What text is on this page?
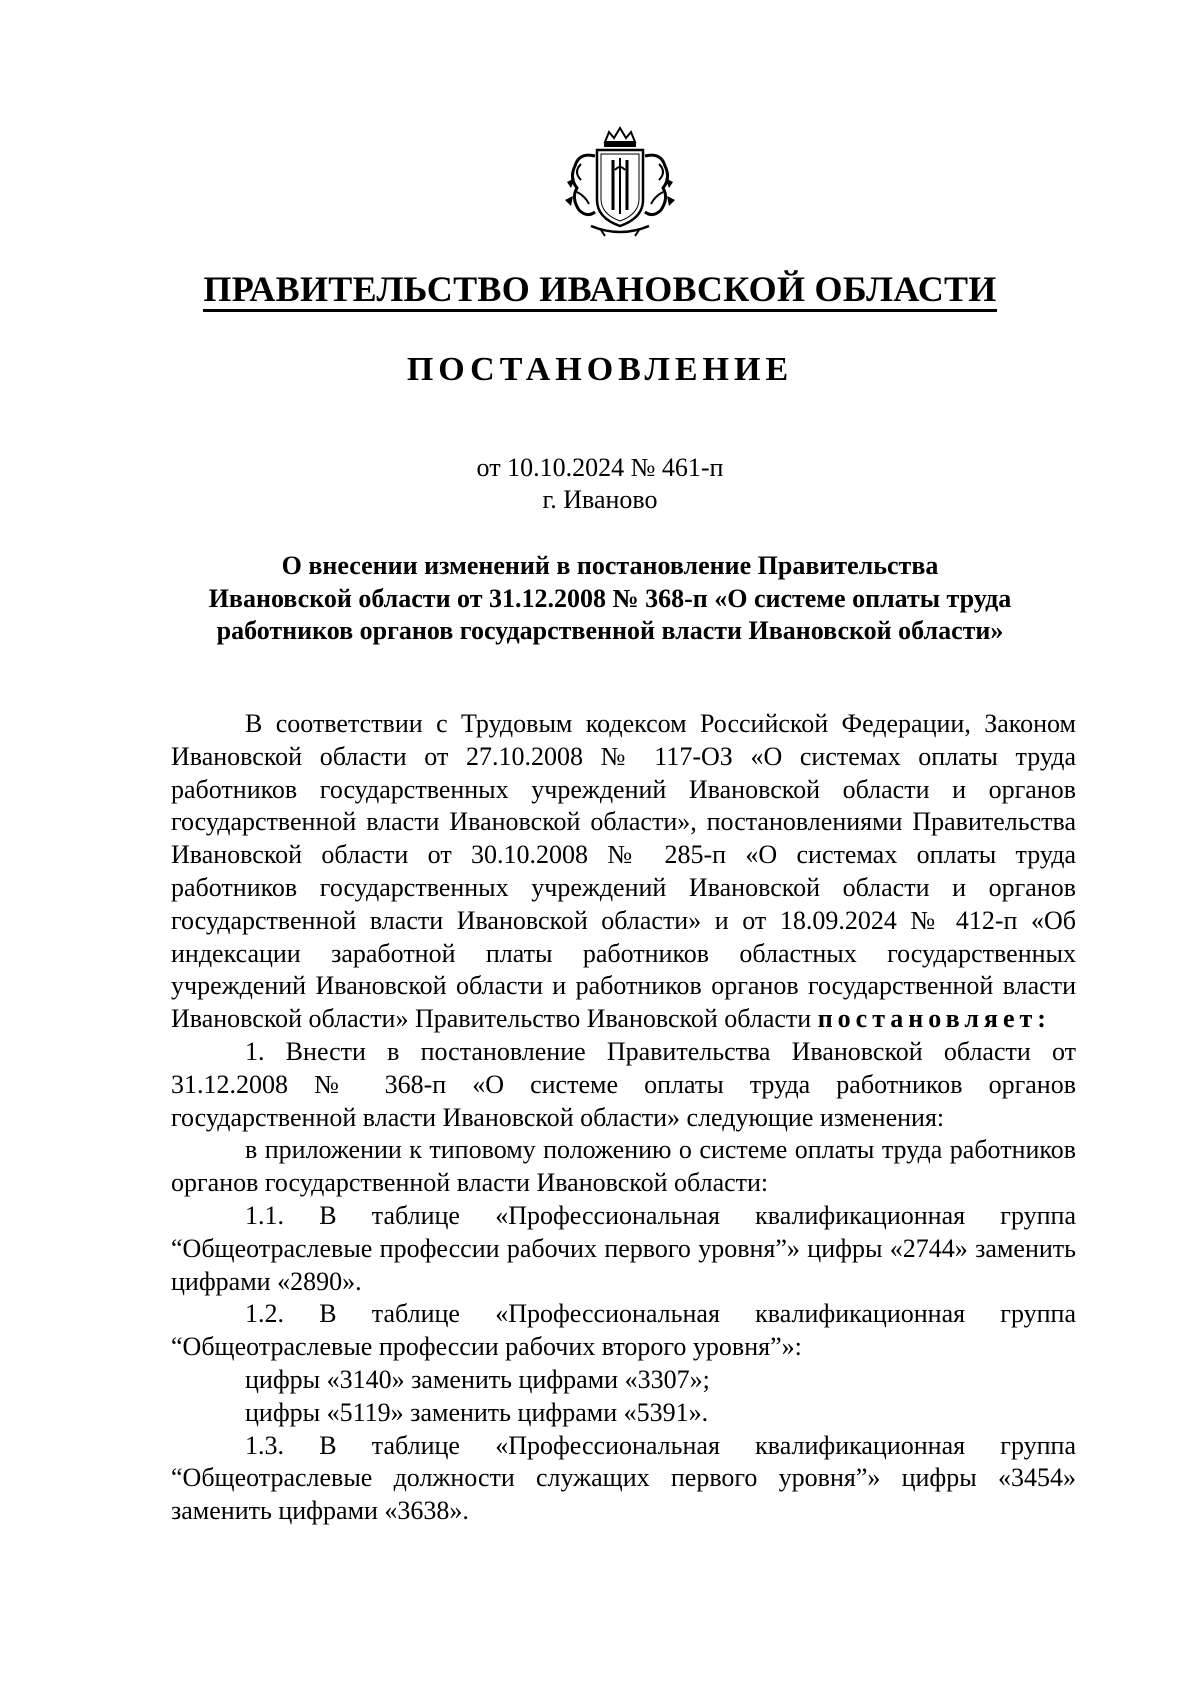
ПРАВИТЕЛЬСТВО ИВАНОВСКОЙ ОБЛАСТИ
ПОСТАНОВЛЕНИЕ
от 10.10.2024 № 461-п
г. Иваново
О внесении изменений в постановление Правительства
Ивановской области от 31.12.2008 № 368-п «О системе оплаты труда
работников органов государственной власти Ивановской области»

В соответствии с Трудовым кодексом Российской Федерации, Законом Ивановской области от 27.10.2008 № 117-ОЗ «О системах оплаты труда работников государственных учреждений Ивановской области и органов государственной власти Ивановской области», постановлениями Правительства Ивановской области от 30.10.2008 № 285-п «О системах оплаты труда работников государственных учреждений Ивановской области и органов государственной власти Ивановской области» и от 18.09.2024 № 412-п «Об индексации заработной платы работников областных государственных учреждений Ивановской области и работников органов государственной власти Ивановской области» Правительство Ивановской области постановляет:

1. Внести в постановление Правительства Ивановской области от 31.12.2008 № 368-п «О системе оплаты труда работников органов государственной власти Ивановской области» следующие изменения:

в приложении к типовому положению о системе оплаты труда работников органов государственной власти Ивановской области:

1.1. В таблице «Профессиональная квалификационная группа “Общеотраслевые профессии рабочих первого уровня”» цифры «2744» заменить цифрами «2890».

1.2. В таблице «Профессиональная квалификационная группа “Общеотраслевые профессии рабочих второго уровня”»:

цифры «3140» заменить цифрами «3307»;

цифры «5119» заменить цифрами «5391».

1.3. В таблице «Профессиональная квалификационная группа “Общеотраслевые должности служащих первого уровня”» цифры «3454» заменить цифрами «3638».
